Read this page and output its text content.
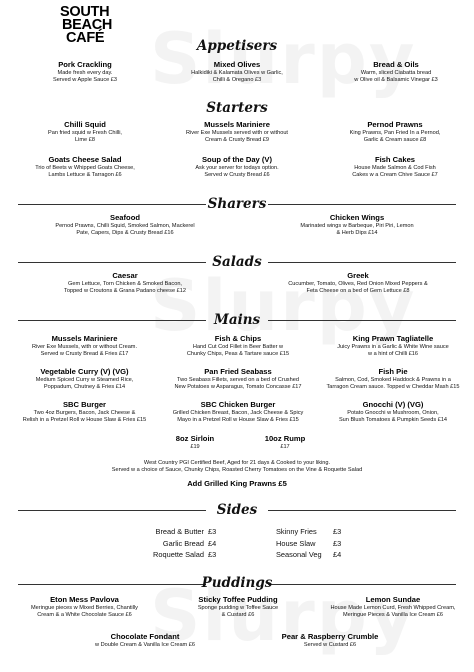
SOUTH
BEACH
CAFÉ	Appetisers
Pork Crackling
Made fresh every day.
Served w Apple Sauce £3
Mixed Olives
Halkidiki & Kalamata Olives w Garlic,
Chilli & Oregano £3
Bread & Oils
Warm, sliced Ciabatta bread
w Olive oil & Balsamic Vinegar £3
Starters
Chilli Squid
Pan fried squid w Fresh Chilli,
Lime £8
Mussels Mariniere
River Exe Mussels served with or without
Cream & Crusty Bread £9
Pernod Prawns
King Prawns, Pan Fried In a Pernod,
Garlic & Cream sauce £8
Goats Cheese Salad
Trio of Beets w Whipped Goats Cheese,
Lambs Lettuce & Tarragon £6
Soup of the Day (V)
Ask your server for todays option.
Served w Crusty Bread £6
Fish Cakes
House Made Salmon & Cod Fish
Cakes w a Cream Chive Sauce £7
Sharers
Seafood
Pernod Prawns, Chilli Squid, Smoked Salmon, Mackerel
Pate, Capers, Dips & Crusty Bread £16
Chicken Wings
Marinated wings w Barbeque, Piri Piri, Lemon
& Herb Dips £14
Salads
Caesar
Gem Lettuce, Torn Chicken & Smoked Bacon,
Topped w Croutons & Grana Padano cheese £12
Greek
Cucumber, Tomato, Olives, Red Onion Mixed Peppers &
Feta Cheese on a bed of Gem Lettuce £8
Mains
Mussels Mariniere
River Exe Mussels, with or without Cream.
Served w Crusty Bread & Fries £17
Fish & Chips
Hand Cut Cod Fillet in Beer Batter w
Chunky Chips, Peas & Tartare sauce £15
King Prawn Tagliatelle
Juicy Prawns in a Garlic & White Wine sauce
w a hint of Chilli £16
Vegetable Curry (V) (VG)
Medium Spiced Curry w Steamed Rice,
Poppadum, Chutney & Fries £14
Pan Fried Seabass
Two Seabass Fillets, served on a bed of Crushed
New Potatoes w Asparagus, Tomato Concasse £17
Fish Pie
Salmon, Cod, Smoked Haddock & Prawns in a
Tarragon Cream sauce. Topped w Cheddar Mash £15
SBC Burger
Two 4oz Burgers, Bacon, Jack Cheese &
Relish in a Pretzel Roll w House Slaw & Fries £15
SBC Chicken Burger
Grilled Chicken Breast, Bacon, Jack Cheese & Spicy
Mayo in a Pretzel Roll w House Slaw & Fries £15
Gnocchi (V) (VG)
Potato Gnocchi w Mushroom, Onion,
Sun Blush Tomatoes & Pumpkin Seeds £14
8oz Sirloin
£19
10oz Rump
£17
West Country PGI Certified Beef, Aged for 21 days & Cooked to your liking.
Served w a choice of Sauce, Chunky Chips, Roasted Cherry Tomatoes on the Vine & Roquette Salad
Add Grilled King Prawns £5
Sides
Bread & Butter £3
Garlic Bread £4
Roquette Salad £3
Skinny Fries	£3
House Slaw	£3
Seasonal Veg	£4
Puddings
Eton Mess Pavlova
Meringue pieces w Mixed Berries, Chantilly
Cream & a White Chocolate Sauce £6
Sticky Toffee Pudding
Sponge pudding w Toffee Sauce
& Custard £6
Lemon Sundae
House Made Lemon Curd, Fresh Whipped Cream,
Meringue Pieces & Vanilla Ice Cream £6
Chocolate Fondant
w Double Cream & Vanilla Ice Cream £6
Pear & Raspberry Crumble
Served w Custard £6
